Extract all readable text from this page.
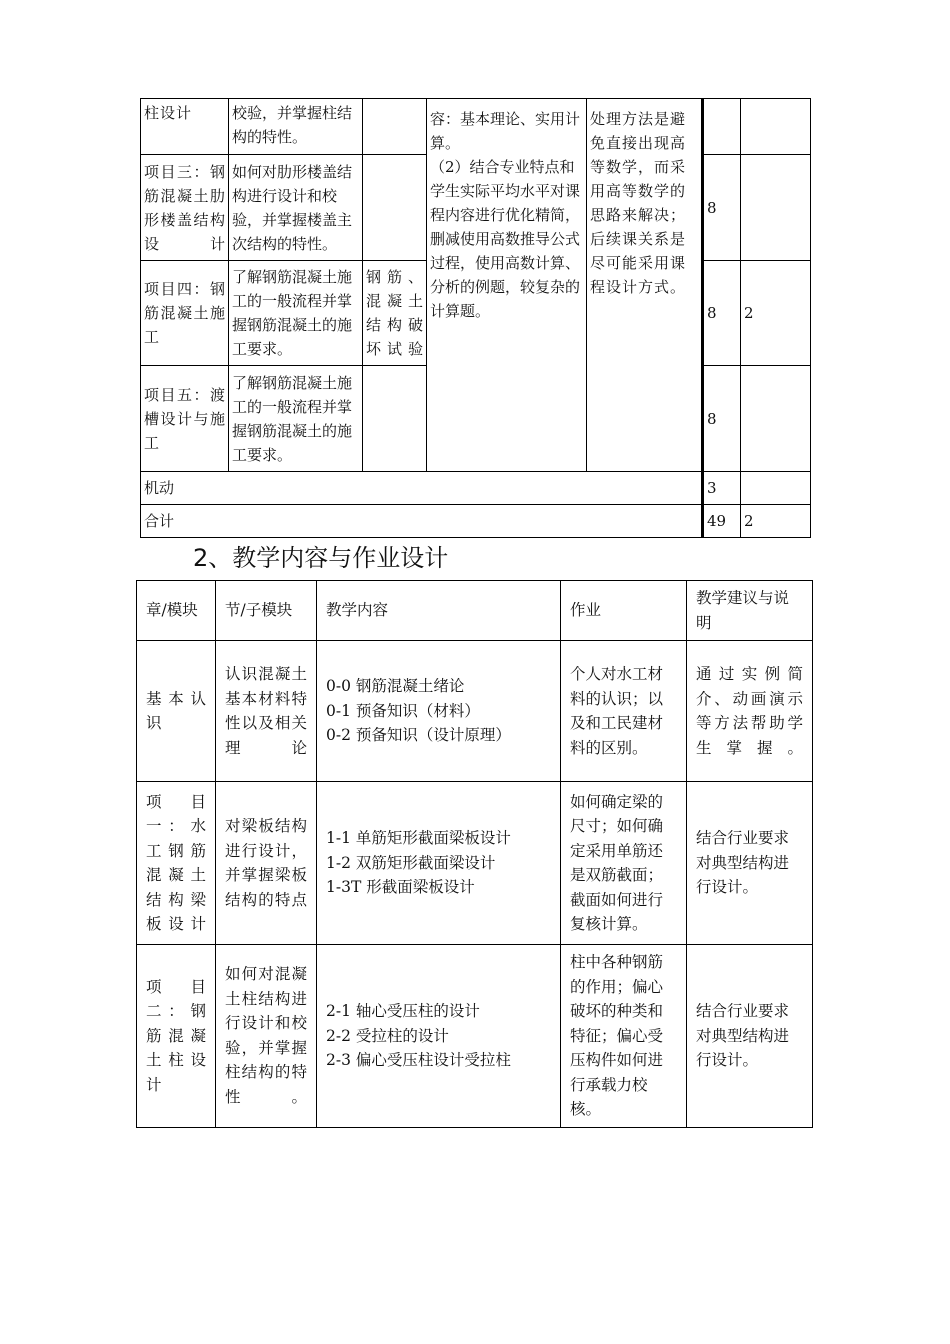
柱设计	校验，并掌握柱结构的特性。		容：基本理论、实用计算。
（2）结合专业特点和学生实际平均水平对课程内容进行优化精简，删减使用高数推导公式过程，使用高数计算、分析的例题，较复杂的计算题。	处理方法是避免直接出现高等数学，而采用高等数学的思路来解决；后续课关系是尽可能采用课程设计方式。		
项目三：钢筋混凝土肋形楼盖结构设计	如何对肋形楼盖结构进行设计和校验，并掌握楼盖主次结构的特性。				8	
项目四：钢筋混凝土施工	了解钢筋混凝土施工的一般流程并掌握钢筋混凝土的施工要求。	钢筋、混凝土结构破坏试验			8	2
项目五：渡槽设计与施工	了解钢筋混凝土施工的一般流程并掌握钢筋混凝土的施工要求。				8	
机动					3	
合计					49	2
2、教学内容与作业设计
章/模块	节/子模块	教学内容	作业	教学建议与说明
基本认识	认识混凝土基本材料特性以及相关理论	0-0 钢筋混凝土绪论
0-1 预备知识（材料）
0-2 预备知识（设计原理）	个人对水工材料的认识；以及和工民建材料的区别。	通过实例简介、动画演示等方法帮助学生掌握。
项目一：水工钢筋混凝土结构梁板设计	对梁板结构进行设计，并掌握梁板结构的特点	1-1 单筋矩形截面梁板设计
1-2 双筋矩形截面梁设计
1-3T 形截面梁板设计	如何确定梁的尺寸；如何确定采用单筋还是双筋截面；截面如何进行复核计算。	结合行业要求对典型结构进行设计。
项目二：钢筋混凝土柱设计	如何对混凝土柱结构进行设计和校验，并掌握柱结构的特性。	2-1 轴心受压柱的设计
2-2 受拉柱的设计
2-3 偏心受压柱设计受拉柱	柱中各种钢筋的作用；偏心破坏的种类和特征；偏心受压构件如何进行承载力校核。	结合行业要求对典型结构进行设计。
